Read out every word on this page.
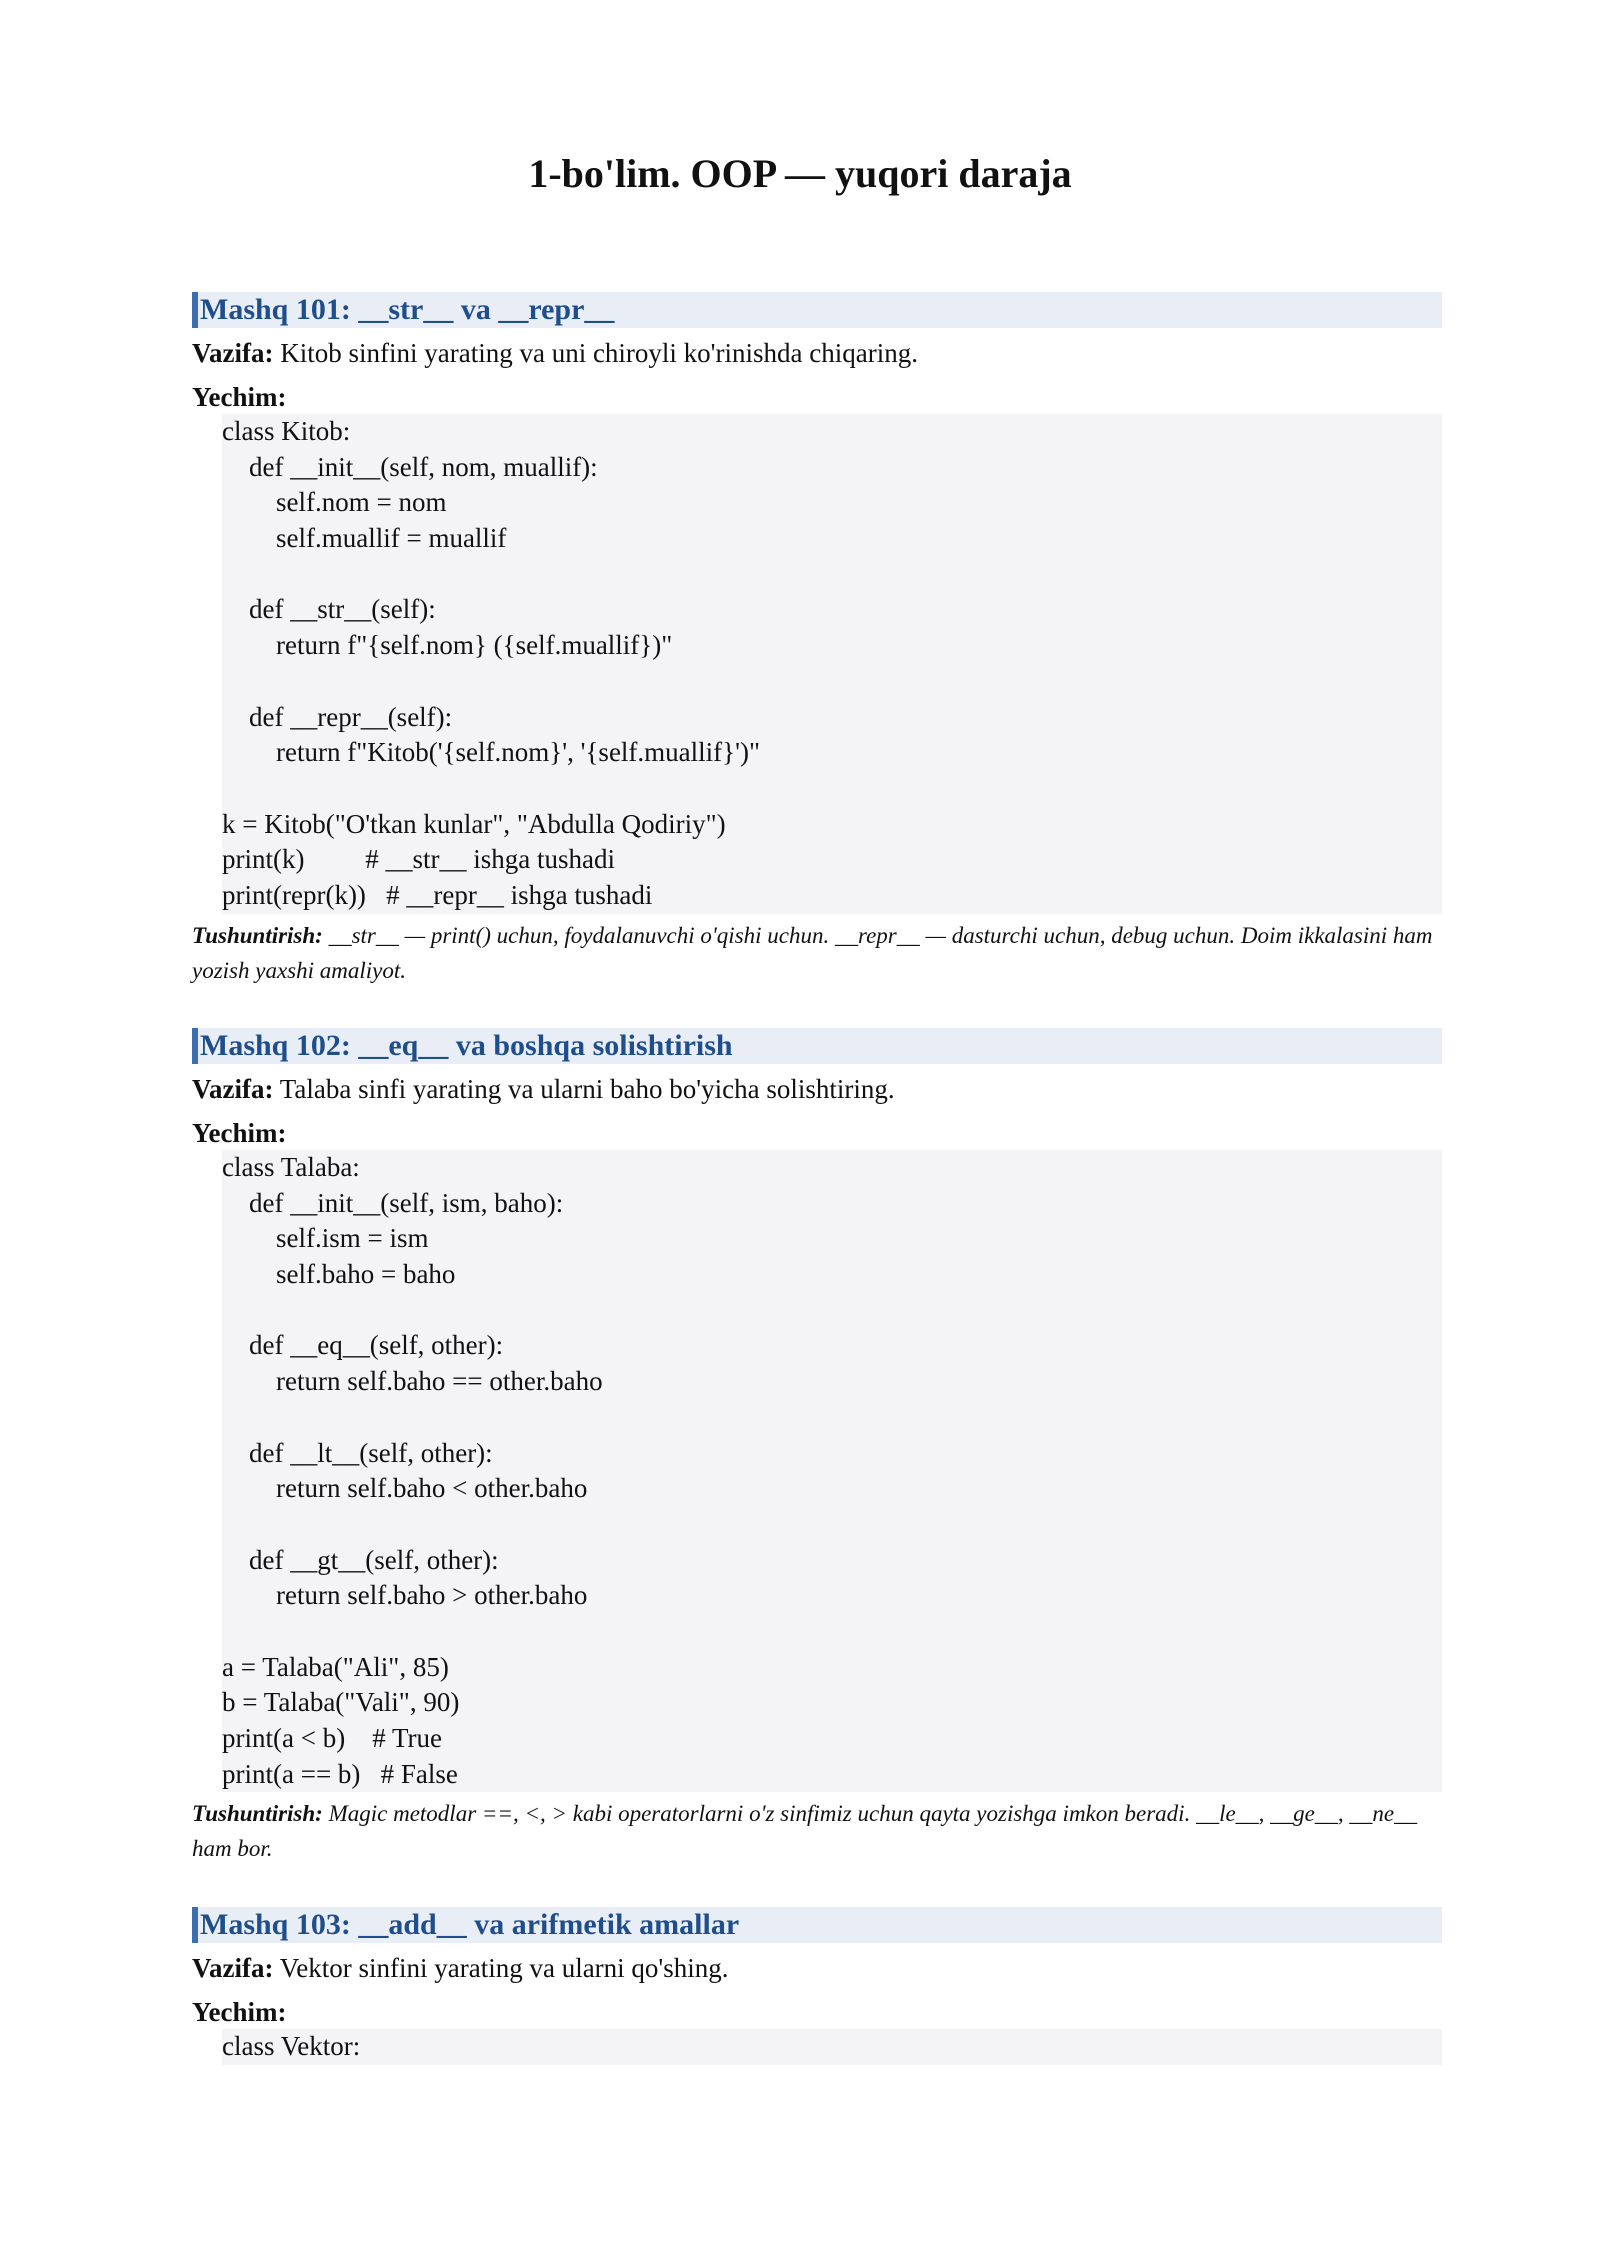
1-bo'lim. OOP — yuqori daraja
Mashq 101: __str__ va __repr__
Vazifa: Kitob sinfini yarating va uni chiroyli ko'rinishda chiqaring.
Yechim:
class Kitob:
def __init__(self, nom, muallif):
self.nom = nom
self.muallif = muallif

def __str__(self):
return f"{self.nom} ({self.muallif})"

def __repr__(self):
return f"Kitob('{self.nom}', '{self.muallif}')"

k = Kitob("O'tkan kunlar", "Abdulla Qodiriy")
print(k)         # __str__ ishga tushadi
print(repr(k))   # __repr__ ishga tushadi
Tushuntirish: __str__ — print() uchun, foydalanuvchi o'qishi uchun. __repr__ — dasturchi uchun, debug uchun. Doim ikkalasini ham yozish yaxshi amaliyot.
Mashq 102: __eq__ va boshqa solishtirish
Vazifa: Talaba sinfi yarating va ularni baho bo'yicha solishtiring.
Yechim:
class Talaba:
def __init__(self, ism, baho):
self.ism = ism
self.baho = baho

def __eq__(self, other):
return self.baho == other.baho

def __lt__(self, other):
return self.baho < other.baho

def __gt__(self, other):
return self.baho > other.baho

a = Talaba("Ali", 85)
b = Talaba("Vali", 90)
print(a < b)    # True
print(a == b)   # False
Tushuntirish: Magic metodlar ==, <, > kabi operatorlarni o'z sinfimiz uchun qayta yozishga imkon beradi. __le__, __ge__, __ne__ ham bor.
Mashq 103: __add__ va arifmetik amallar
Vazifa: Vektor sinfini yarating va ularni qo'shing.
Yechim:
class Vektor:
